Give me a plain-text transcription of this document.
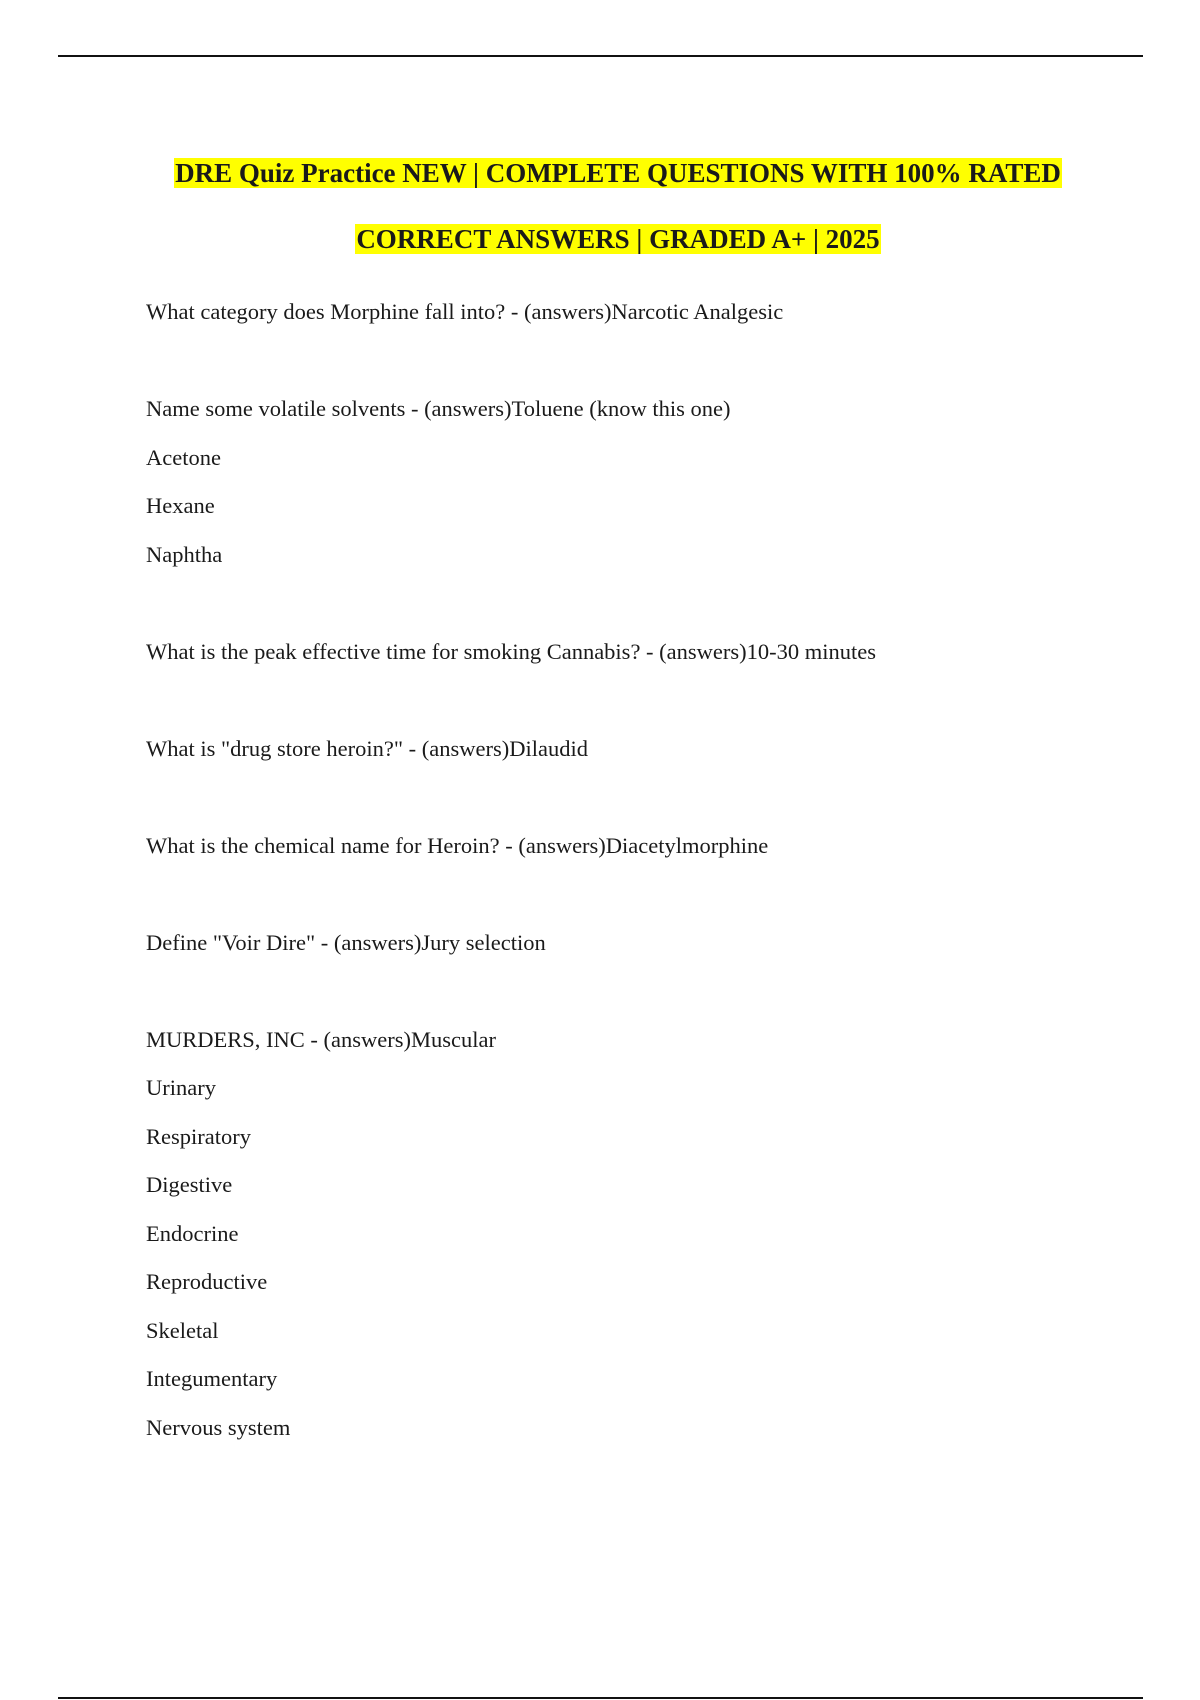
DRE Quiz Practice NEW | COMPLETE QUESTIONS WITH 100% RATED
CORRECT ANSWERS | GRADED A+ | 2025
What category does Morphine fall into? - (answers)Narcotic Analgesic
Name some volatile solvents - (answers)Toluene (know this one)
Acetone
Hexane
Naphtha
What is the peak effective time for smoking Cannabis? - (answers)10-30 minutes
What is "drug store heroin?" - (answers)Dilaudid
What is the chemical name for Heroin? - (answers)Diacetylmorphine
Define "Voir Dire" - (answers)Jury selection
MURDERS, INC - (answers)Muscular
Urinary
Respiratory
Digestive
Endocrine
Reproductive
Skeletal
Integumentary
Nervous system
